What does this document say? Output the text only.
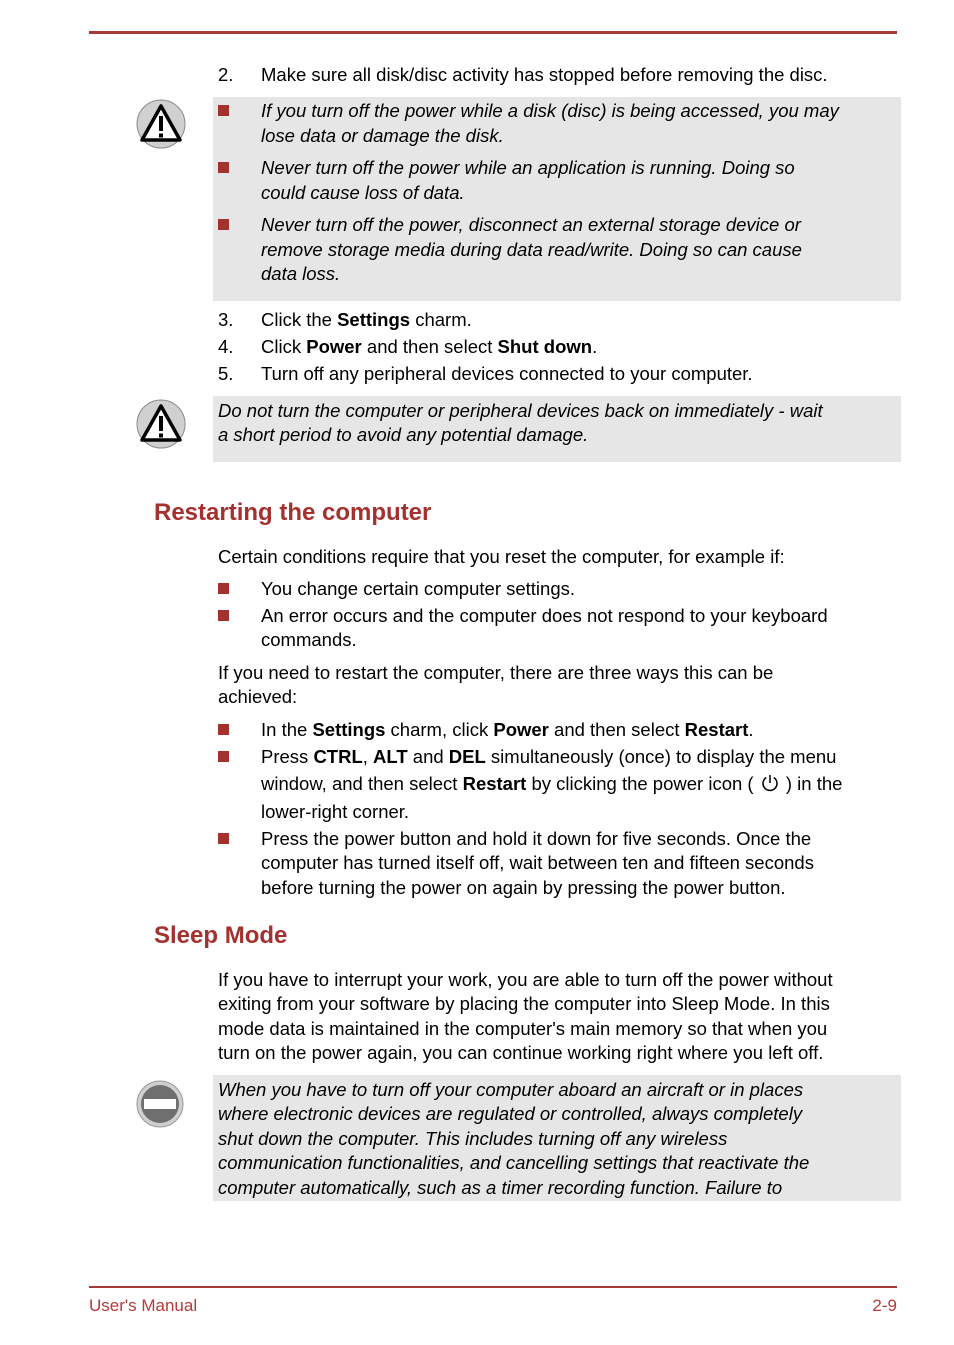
2. Make sure all disk/disc activity has stopped before removing the disc.
If you turn off the power while a disk (disc) is being accessed, you may
lose data or damage the disk.
Never turn off the power while an application is running. Doing so
could cause loss of data.
Never turn off the power, disconnect an external storage device or
remove storage media during data read/write. Doing so can cause
data loss.
3. Click the Settings charm.
4. Click Power and then select Shut down.
5. Turn off any peripheral devices connected to your computer.
Do not turn the computer or peripheral devices back on immediately - wait
a short period to avoid any potential damage.
Restarting the computer
Certain conditions require that you reset the computer, for example if:
You change certain computer settings.
An error occurs and the computer does not respond to your keyboard
commands.
If you need to restart the computer, there are three ways this can be
achieved:
In the Settings charm, click Power and then select Restart.
Press CTRL, ALT and DEL simultaneously (once) to display the menu
window, and then select Restart by clicking the power icon (  ) in the
lower-right corner.
Press the power button and hold it down for five seconds. Once the
computer has turned itself off, wait between ten and fifteen seconds
before turning the power on again by pressing the power button.
Sleep Mode
If you have to interrupt your work, you are able to turn off the power without
exiting from your software by placing the computer into Sleep Mode. In this
mode data is maintained in the computer's main memory so that when you
turn on the power again, you can continue working right where you left off.
When you have to turn off your computer aboard an aircraft or in places
where electronic devices are regulated or controlled, always completely
shut down the computer. This includes turning off any wireless
communication functionalities, and cancelling settings that reactivate the
computer automatically, such as a timer recording function. Failure to
User's Manual	2-9
